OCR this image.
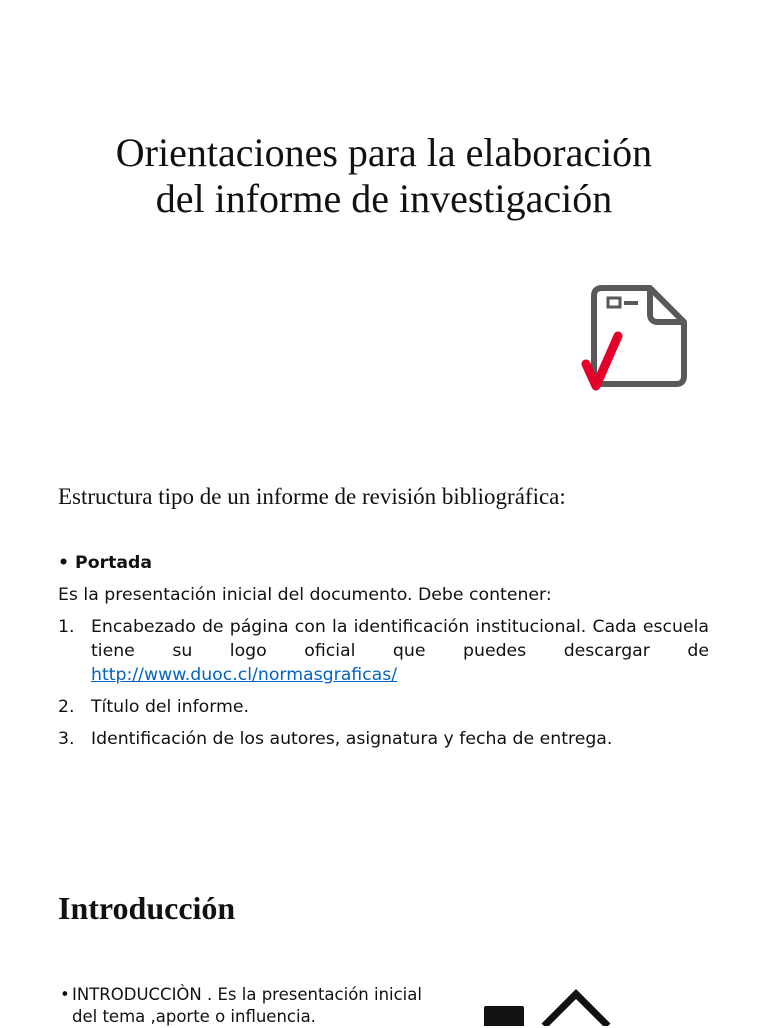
Orientaciones para la elaboración del informe de investigación
Estructura tipo de un informe de revisión bibliográfica:
• Portada
Es la presentación inicial del documento. Debe contener:
1. Encabezado de página con la identificación institucional. Cada escuela tiene su logo oficial que puedes descargar de http://www.duoc.cl/normasgraficas/
2. Título del informe.
3. Identificación de los autores, asignatura y fecha de entrega.
Introducción
• INTRODUCCIÒN . Es la presentación inicial del tema ,aporte o influencia.
